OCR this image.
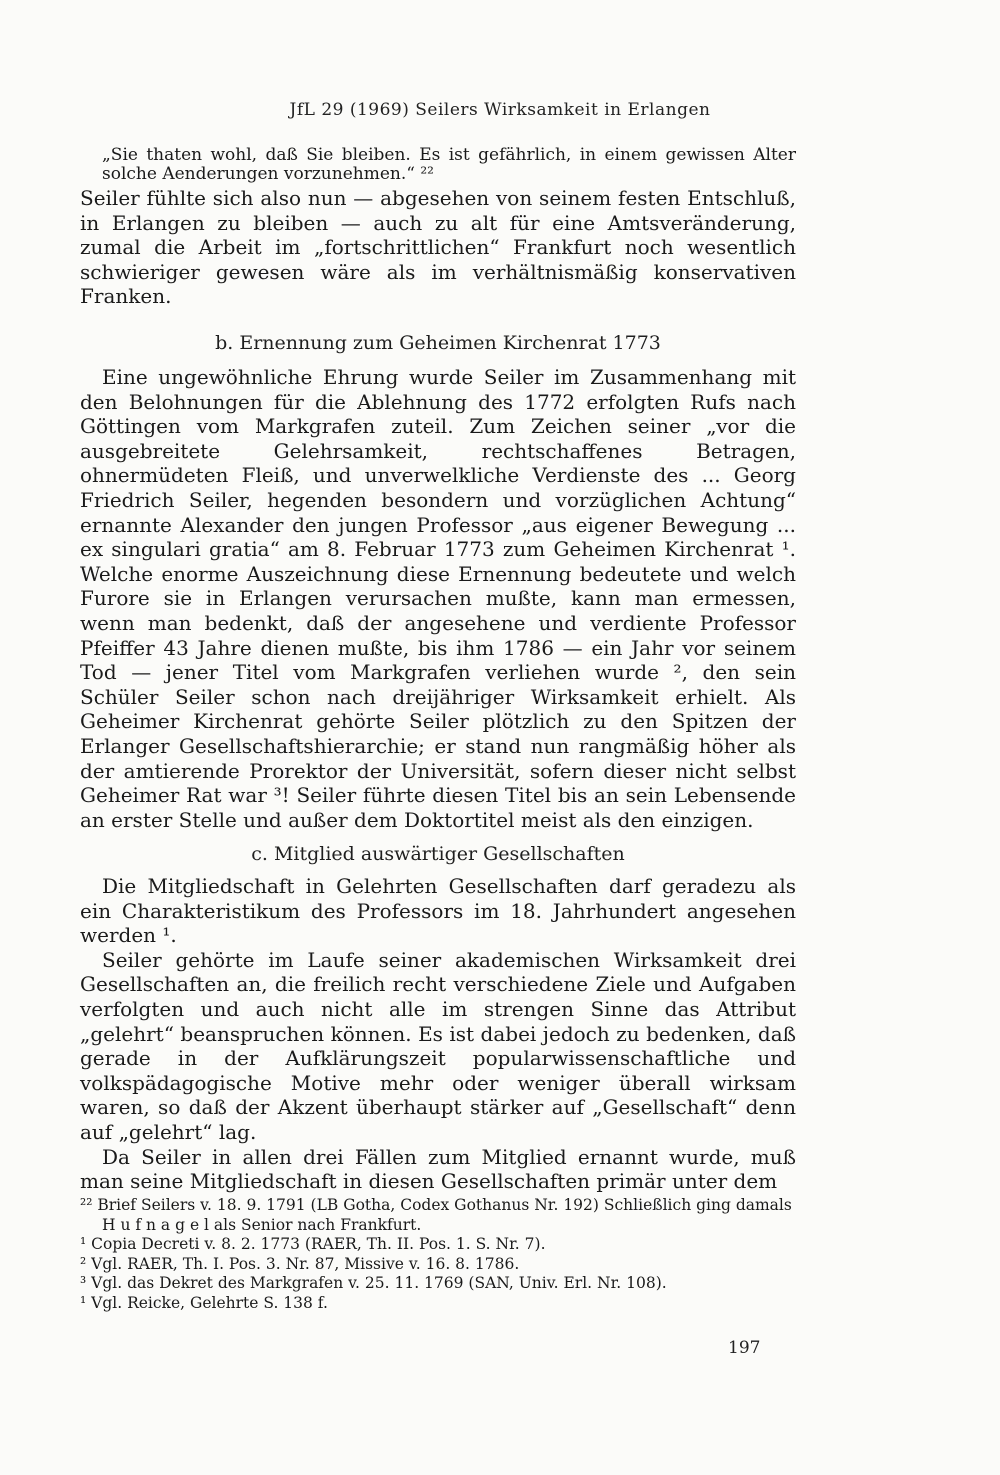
JfL 29 (1969) Seilers Wirksamkeit in Erlangen

„Sie thaten wohl, daß Sie bleiben. Es ist gefährlich, in einem gewissen Alter solche Aenderungen vorzunehmen.“ ²²

Seiler fühlte sich also nun — abgesehen von seinem festen Entschluß, in Erlangen zu bleiben — auch zu alt für eine Amtsveränderung, zumal die Arbeit im „fortschrittlichen“ Frankfurt noch wesentlich schwieriger gewesen wäre als im verhältnismäßig konservativen Franken.

b. Ernennung zum Geheimen Kirchenrat 1773

Eine ungewöhnliche Ehrung wurde Seiler im Zusammenhang mit den Belohnungen für die Ablehnung des 1772 erfolgten Rufs nach Göttingen vom Markgrafen zuteil. Zum Zeichen seiner „vor die ausgebreitete Gelehrsamkeit, rechtschaffenes Betragen, ohnermüdeten Fleiß, und unverwelkliche Verdienste des ... Georg Friedrich Seiler, hegenden besondern und vorzüglichen Achtung“ ernannte Alexander den jungen Professor „aus eigener Bewegung ... ex singulari gratia“ am 8. Februar 1773 zum Geheimen Kirchenrat ¹. Welche enorme Auszeichnung diese Ernennung bedeutete und welch Furore sie in Erlangen verursachen mußte, kann man ermessen, wenn man bedenkt, daß der angesehene und verdiente Professor Pfeiffer 43 Jahre dienen mußte, bis ihm 1786 — ein Jahr vor seinem Tod — jener Titel vom Markgrafen verliehen wurde ², den sein Schüler Seiler schon nach dreijähriger Wirksamkeit erhielt. Als Geheimer Kirchenrat gehörte Seiler plötzlich zu den Spitzen der Erlanger Gesellschaftshierarchie; er stand nun rangmäßig höher als der amtierende Prorektor der Universität, sofern dieser nicht selbst Geheimer Rat war ³! Seiler führte diesen Titel bis an sein Lebensende an erster Stelle und außer dem Doktortitel meist als den einzigen.

c. Mitglied auswärtiger Gesellschaften

Die Mitgliedschaft in Gelehrten Gesellschaften darf geradezu als ein Charakteristikum des Professors im 18. Jahrhundert angesehen werden ¹.

Seiler gehörte im Laufe seiner akademischen Wirksamkeit drei Gesellschaften an, die freilich recht verschiedene Ziele und Aufgaben verfolgten und auch nicht alle im strengen Sinne das Attribut „gelehrt“ beanspruchen können. Es ist dabei jedoch zu bedenken, daß gerade in der Aufklärungszeit popularwissenschaftliche und volkspädagogische Motive mehr oder weniger überall wirksam waren, so daß der Akzent überhaupt stärker auf „Gesellschaft“ denn auf „gelehrt“ lag.

Da Seiler in allen drei Fällen zum Mitglied ernannt wurde, muß man seine Mitgliedschaft in diesen Gesellschaften primär unter dem

²² Brief Seilers v. 18. 9. 1791 (LB Gotha, Codex Gothanus Nr. 192) Schließlich ging damals H u f n a g e l als Senior nach Frankfurt.

¹ Copia Decreti v. 8. 2. 1773 (RAER, Th. II. Pos. 1. S. Nr. 7).

² Vgl. RAER, Th. I. Pos. 3. Nr. 87, Missive v. 16. 8. 1786.

³ Vgl. das Dekret des Markgrafen v. 25. 11. 1769 (SAN, Univ. Erl. Nr. 108).

¹ Vgl. Reicke, Gelehrte S. 138 f.

197
